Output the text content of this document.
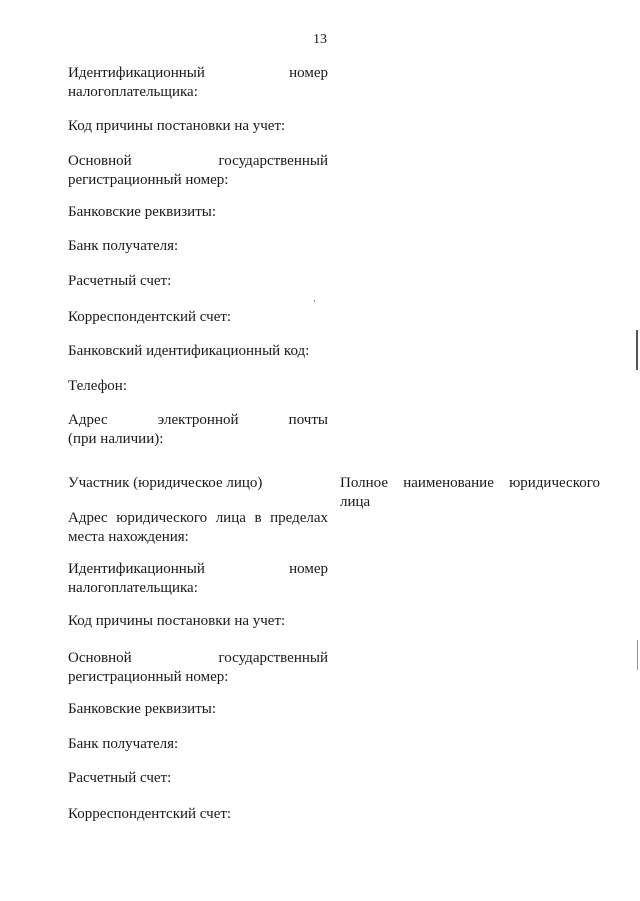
13
Идентификационный	номер
налогоплательщика:
Код причины постановки на учет:
Основной	государственный
регистрационный номер:
Банковские реквизиты:
Банк получателя:
Расчетный счет:
Корреспондентский счет:
Банковский идентификационный код:
Телефон:
Адрес	электронной	почты
(при наличии):
Участник (юридическое лицо)	Полное наименование юридического
лица
Адрес юридического лица в пределах
места нахождения:
Идентификационный	номер
налогоплательщика:
Код причины постановки на учет:
Основной	государственный
регистрационный номер:
Банковские реквизиты:
Банк получателя:
Расчетный счет:
Корреспондентский счет:
